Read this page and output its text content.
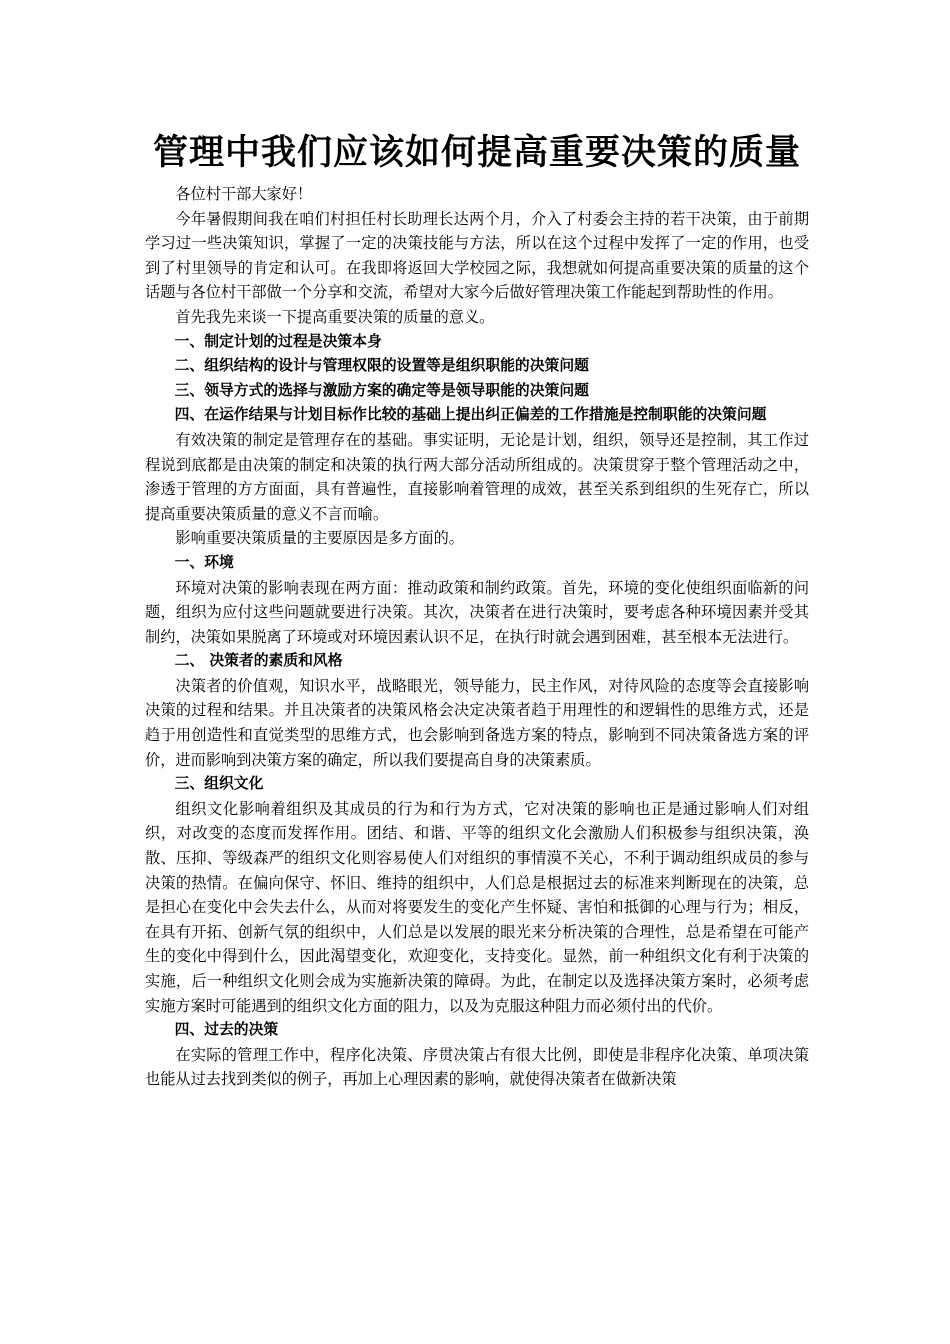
管理中我们应该如何提高重要决策的质量

各位村干部大家好！

今年暑假期间我在咱们村担任村长助理长达两个月，介入了村委会主持的若干决策，由于前期学习过一些决策知识，掌握了一定的决策技能与方法，所以在这个过程中发挥了一定的作用，也受到了村里领导的肯定和认可。在我即将返回大学校园之际，我想就如何提高重要决策的质量的这个话题与各位村干部做一个分享和交流，希望对大家今后做好管理决策工作能起到帮助性的作用。

首先我先来谈一下提高重要决策的质量的意义。

一、制定计划的过程是决策本身

二、组织结构的设计与管理权限的设置等是组织职能的决策问题

三、领导方式的选择与激励方案的确定等是领导职能的决策问题

四、在运作结果与计划目标作比较的基础上提出纠正偏差的工作措施是控制职能的决策问题

有效决策的制定是管理存在的基础。事实证明，无论是计划，组织，领导还是控制，其工作过程说到底都是由决策的制定和决策的执行两大部分活动所组成的。决策贯穿于整个管理活动之中，渗透于管理的方方面面，具有普遍性，直接影响着管理的成效，甚至关系到组织的生死存亡，所以提高重要决策质量的意义不言而喻。

影响重要决策质量的主要原因是多方面的。

一、环境

环境对决策的影响表现在两方面：推动政策和制约政策。首先，环境的变化使组织面临新的问题，组织为应付这些问题就要进行决策。其次，决策者在进行决策时，要考虑各种环境因素并受其制约，决策如果脱离了环境或对环境因素认识不足，在执行时就会遇到困难，甚至根本无法进行。

二、 决策者的素质和风格

决策者的价值观，知识水平，战略眼光，领导能力，民主作风，对待风险的态度等会直接影响决策的过程和结果。并且决策者的决策风格会决定决策者趋于用理性的和逻辑性的思维方式，还是趋于用创造性和直觉类型的思维方式，也会影响到备选方案的特点，影响到不同决策备选方案的评价，进而影响到决策方案的确定，所以我们要提高自身的决策素质。

三、组织文化

组织文化影响着组织及其成员的行为和行为方式，它对决策的影响也正是通过影响人们对组织，对改变的态度而发挥作用。团结、和谐、平等的组织文化会激励人们积极参与组织决策，涣散、压抑、等级森严的组织文化则容易使人们对组织的事情漠不关心，不利于调动组织成员的参与决策的热情。在偏向保守、怀旧、维持的组织中，人们总是根据过去的标准来判断现在的决策，总是担心在变化中会失去什么，从而对将要发生的变化产生怀疑、害怕和抵御的心理与行为；相反，在具有开拓、创新气氛的组织中，人们总是以发展的眼光来分析决策的合理性，总是希望在可能产生的变化中得到什么，因此渴望变化，欢迎变化，支持变化。显然，前一种组织文化有利于决策的实施，后一种组织文化则会成为实施新决策的障碍。为此，在制定以及选择决策方案时，必须考虑实施方案时可能遇到的组织文化方面的阻力，以及为克服这种阻力而必须付出的代价。

四、过去的决策

在实际的管理工作中，程序化决策、序贯决策占有很大比例，即使是非程序化决策、单项决策也能从过去找到类似的例子，再加上心理因素的影响，就使得决策者在做新决策
